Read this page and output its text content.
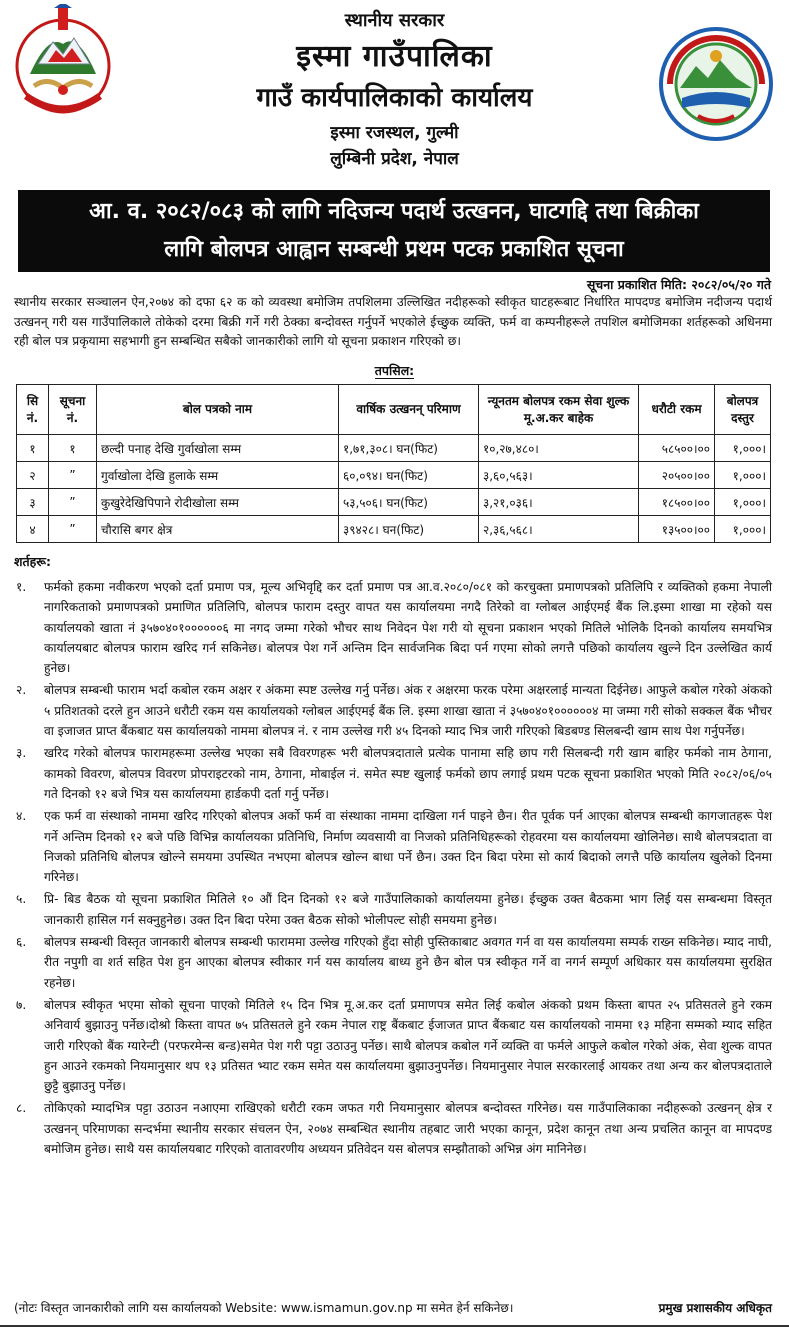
स्थानीय सरकार
इस्मा गाउँपालिका
गाउँ कार्यपालिकाको कार्यालय
इस्मा रजस्थल, गुल्मी
लुम्बिनी प्रदेश, नेपाल
आ. व. २०८२/०८३ को लागि नदिजन्य पदार्थ उत्खनन, घाटगद्दि तथा बिक्रीका
लागि बोलपत्र आह्वान सम्बन्धी प्रथम पटक प्रकाशित सूचना
सूचना प्रकाशित मिति: २०८२/०५/२० गते

स्थानीय सरकार सञ्चालन ऐन,२०७४ को दफा ६२ क को व्यवस्था बमोजिम तपशिलमा उल्लिखित नदीहरूको स्वीकृत घाटहरूबाट निर्धारित मापदण्ड बमोजिम नदीजन्य पदार्थ उत्खनन् गरी यस गाउँपालिकाले तोकेको दरमा बिक्री गर्ने गरी ठेक्का बन्दोवस्त गर्नुपर्ने भएकोले ईच्छुक व्यक्ति, फर्म वा कम्पनीहरूले तपशिल बमोजिमका शर्तहरूको अधिनमा रही बोल पत्र प्रकृयामा सहभागी हुन सम्बन्धित सबैको जानकारीको लागि यो सूचना प्रकाशन गरिएको छ।

तपसिल:
सि नं.	सूचना नं.	बोल पत्रको नाम	वार्षिक उत्खनन् परिमाण	न्यूनतम बोलपत्र रकम सेवा शुल्क मू.अ.कर बाहेक	धरौटी रकम	बोलपत्र दस्तुर
१	१	छल्दी पनाह देखि गुर्वाखोला सम्म	१,७१,३०८। घन(फिट)	१०,२७,४८०।	५८५००।००	१,०००।
२	”	गुर्वाखोला देखि हुलाके सम्म	६०,०९४। घन(फिट)	३,६०,५६३।	२०५००।००	१,०००।
३	”	कुखुरेदेखिपिपाने रोदीखोला सम्म	५३,५०६। घन(फिट)	३,२१,०३६।	१८५००।००	१,०००।
४	”	चौरासि बगर क्षेत्र	३९४२८। घन(फिट)	२,३६,५६८।	१३५००।००	१,०००।
शर्तहरू:
१. फर्मको हकमा नवीकरण भएको दर्ता प्रमाण पत्र, मूल्य अभिवृद्दि कर दर्ता प्रमाण पत्र आ.व.२०८०/०८१ को करचुक्ता प्रमाणपत्रको प्रतिलिपि र व्यक्तिको हकमा नेपाली नागरिकताको प्रमाणपत्रको प्रमाणित प्रतिलिपि, बोलपत्र फाराम दस्तुर वापत यस कार्यालयमा नगदै तिरेको वा ग्लोबल आईएमई बैंक लि.इस्मा शाखा मा रहेको यस कार्यालयको खाता नं ३५७०४०१००००००६ मा नगद जम्मा गरेको भौचर साथ निवेदन पेश गरी यो सूचना प्रकाशन भएको मितिले भोलिकै दिनको कार्यालय समयभित्र कार्यालयबाट बोलपत्र फाराम खरिद गर्न सकिनेछ। बोलपत्र पेश गर्ने अन्तिम दिन सार्वजनिक बिदा पर्न गएमा सोको लगत्तै पछिको कार्यालय खुल्ने दिन उल्लेखित कार्य हुनेछ।
२. बोलपत्र सम्बन्धी फाराम भर्दा कबोल रकम अक्षर र अंकमा स्पष्ट उल्लेख गर्नु पर्नेछ। अंक र अक्षरमा फरक परेमा अक्षरलाई मान्यता दिईनेछ। आफुले कबोल गरेको अंकको ५ प्रतिशतको दरले हुन आउने धरौटी रकम यस कार्यालयको ग्लोबल आईएमई बैंक लि. इस्मा शाखा खाता नं ३५७०४०१००००००४ मा जम्मा गरी सोको सक्कल बैंक भौचर वा इजाजत प्राप्त बैंकबाट यस कार्यालयको नाममा बोलपत्र नं. र नाम उल्लेख गरी ४५ दिनको म्याद भित्र जारी गरिएको बिडबण्ड सिलबन्दी खाम साथ पेश गर्नुपर्नेछ।
३. खरिद गरेको बोलपत्र फारामहरूमा उल्लेख भएका सबै विवरणहरू भरी बोलपत्रदाताले प्रत्येक पानामा सहि छाप गरी सिलबन्दी गरी खाम बाहिर फर्मको नाम ठेगाना, कामको विवरण, बोलपत्र विवरण प्रोपराइटरको नाम, ठेगाना, मोबाईल नं. समेत स्पष्ट खुलाई फर्मको छाप लगाई प्रथम पटक सूचना प्रकाशित भएको मिति २०८२/०६/०५ गते दिनको १२ बजे भित्र यस कार्यालयमा हार्डकपी दर्ता गर्नु पर्नेछ।
४. एक फर्म वा संस्थाको नाममा खरिद गरिएको बोलपत्र अर्को फर्म वा संस्थाका नाममा दाखिला गर्न पाइने छैन। रीत पूर्वक पर्न आएका बोलपत्र सम्बन्धी कागजातहरू पेश गर्ने अन्तिम दिनको १२ बजे पछि विभिन्न कार्यालयका प्रतिनिधि, निर्माण व्यवसायी वा निजको प्रतिनिधिहरूको रोहवरमा यस कार्यालयमा खोलिनेछ। साथै बोलपत्रदाता वा निजको प्रतिनिधि बोलपत्र खोल्ने समयमा उपस्थित नभएमा बोलपत्र खोल्न बाधा पर्ने छैन। उक्त दिन बिदा परेमा सो कार्य बिदाको लगत्तै पछि कार्यालय खुलेको दिनमा गरिनेछ।
५. प्रि- बिड बैठक यो सूचना प्रकाशित मितिले १० औं दिन दिनको १२ बजे गाउँपालिकाको कार्यालयमा हुनेछ। ईच्छुक उक्त बैठकमा भाग लिई यस सम्बन्धमा विस्तृत जानकारी हासिल गर्न सक्नुहुनेछ। उक्त दिन बिदा परेमा उक्त बैठक सोको भोलीपल्ट सोही समयमा हुनेछ।
६. बोलपत्र सम्बन्धी विस्तृत जानकारी बोलपत्र सम्बन्धी फाराममा उल्लेख गरिएको हुँदा सोही पुस्तिकाबाट अवगत गर्न वा यस कार्यालयमा सम्पर्क राख्न सकिनेछ। म्याद नाघी, रीत नपुगी वा शर्त सहित पेश हुन आएका बोलपत्र स्वीकार गर्न यस कार्यालय बाध्य हुने छैन बोल पत्र स्वीकृत गर्ने वा नगर्न सम्पूर्ण अधिकार यस कार्यालयमा सुरक्षित रहनेछ।
७. बोलपत्र स्वीकृत भएमा सोको सूचना पाएको मितिले १५ दिन भित्र मू.अ.कर दर्ता प्रमाणपत्र समेत लिई कबोल अंकको प्रथम किस्ता बापत २५ प्रतिसतले हुने रकम अनिवार्य बुझाउनु पर्नेछ।दोश्रो किस्ता वापत ७५ प्रतिसतले हुने रकम नेपाल राष्ट्र बैंकबाट ईजाजत प्राप्त बैंकबाट यस कार्यालयको नाममा १३ महिना सम्मको म्याद सहित जारी गरिएको बैंक ग्यारेन्टी (परफरमेन्स बन्ड)समेत पेश गरी पट्टा उठाउनु पर्नेछ। साथै बोलपत्र कबोल गर्ने व्यक्ति वा फर्मले आफुले कबोल गरेको अंक, सेवा शुल्क वापत हुन आउने रकमको नियमानुसार थप १३ प्रतिसत भ्याट रकम समेत यस कार्यालयमा बुझाउनुपर्नेछ। नियमानुसार नेपाल सरकारलाई आयकर तथा अन्य कर बोलपत्रदाताले छुट्टै बुझाउनु पर्नेछ।
८. तोकिएको म्यादभित्र पट्टा उठाउन नआएमा राखिएको धरौटी रकम जफत गरी नियमानुसार बोलपत्र बन्दोवस्त गरिनेछ। यस गाउँपालिकाका नदीहरूको उत्खनन् क्षेत्र र उत्खनन् परिमाणका सन्दर्भमा स्थानीय सरकार संचलन ऐन, २०७४ सम्बन्धित स्थानीय तहबाट जारी भएका कानून, प्रदेश कानून तथा अन्य प्रचलित कानून वा मापदण्ड बमोजिम हुनेछ। साथै यस कार्यालयबाट गरिएको वातावरणीय अध्ययन प्रतिवेदन यस बोलपत्र सम्झौताको अभिन्न अंग मानिनेछ।
(नोटः विस्तृत जानकारीको लागि यस कार्यालयको Website: www.ismamun.gov.np मा समेत हेर्न सकिनेछ।	प्रमुख प्रशासकीय अधिकृत
